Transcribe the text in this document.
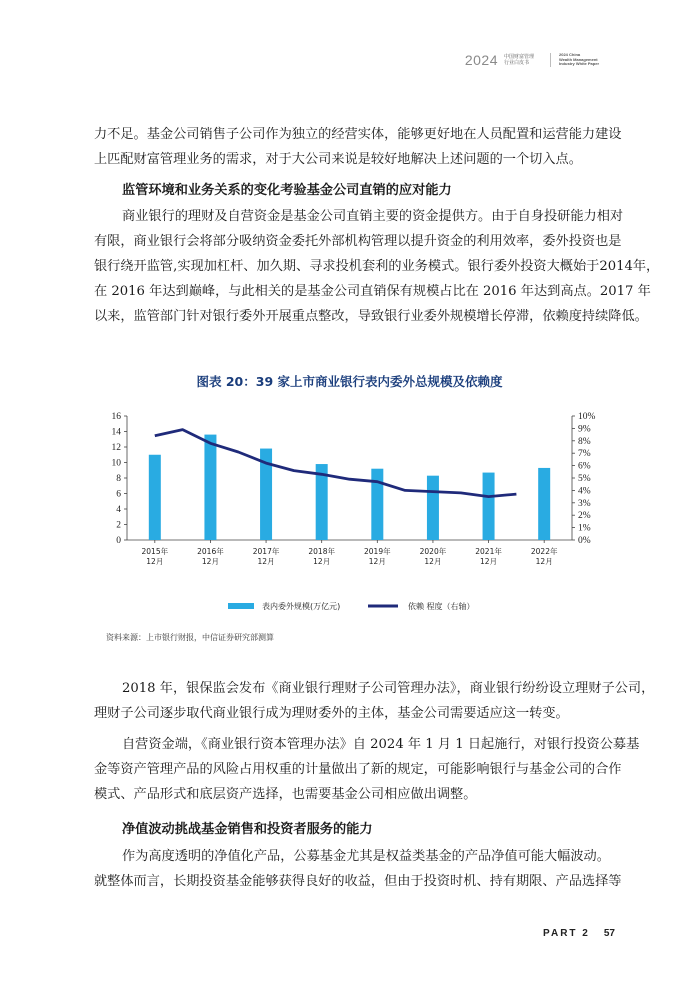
2024 中国财富管理
行业白皮书
2024 China
Wealth Management
Industry White Paper

力不足。基金公司销售子公司作为独立的经营实体，能够更好地在人员配置和运营能力建设
上匹配财富管理业务的需求，对于大公司来说是较好地解决上述问题的一个切入点。

监管环境和业务关系的变化考验基金公司直销的应对能力

商业银行的理财及自营资金是基金公司直销主要的资金提供方。由于自身投研能力相对
有限，商业银行会将部分吸纳资金委托外部机构管理以提升资金的利用效率，委外投资也是
银行绕开监管,实现加杠杆、加久期、寻求投机套利的业务模式。银行委外投资大概始于2014年，
在 2016 年达到巅峰，与此相关的是基金公司直销保有规模占比在 2016 年达到高点。2017 年
以来，监管部门针对银行委外开展重点整改，导致银行业委外规模增长停滞，依赖度持续降低。

图表 20：39 家上市商业银行表内委外总规模及依赖度

0
2
4
6
8
10
12
14
16
0%
1%
2%
3%
4%
5%
6%
7%
8%
9%
10%
2015年
12月
2016年
12月
2017年
12月
2018年
12月
2019年
12月
2020年
12月
2021年
12月
2022年
12月
表内委外规模(万亿元)	依赖 程度（右轴）

资料来源：上市银行财报，中信证券研究部测算

2018 年，银保监会发布《商业银行理财子公司管理办法》，商业银行纷纷设立理财子公司，
理财子公司逐步取代商业银行成为理财委外的主体，基金公司需要适应这一转变。

自营资金端，《商业银行资本管理办法》自 2024 年 1 月 1 日起施行，对银行投资公募基
金等资产管理产品的风险占用权重的计量做出了新的规定，可能影响银行与基金公司的合作
模式、产品形式和底层资产选择，也需要基金公司相应做出调整。

净值波动挑战基金销售和投资者服务的能力

作为高度透明的净值化产品，公募基金尤其是权益类基金的产品净值可能大幅波动。
就整体而言，长期投资基金能够获得良好的收益，但由于投资时机、持有期限、产品选择等

PART 2 57
